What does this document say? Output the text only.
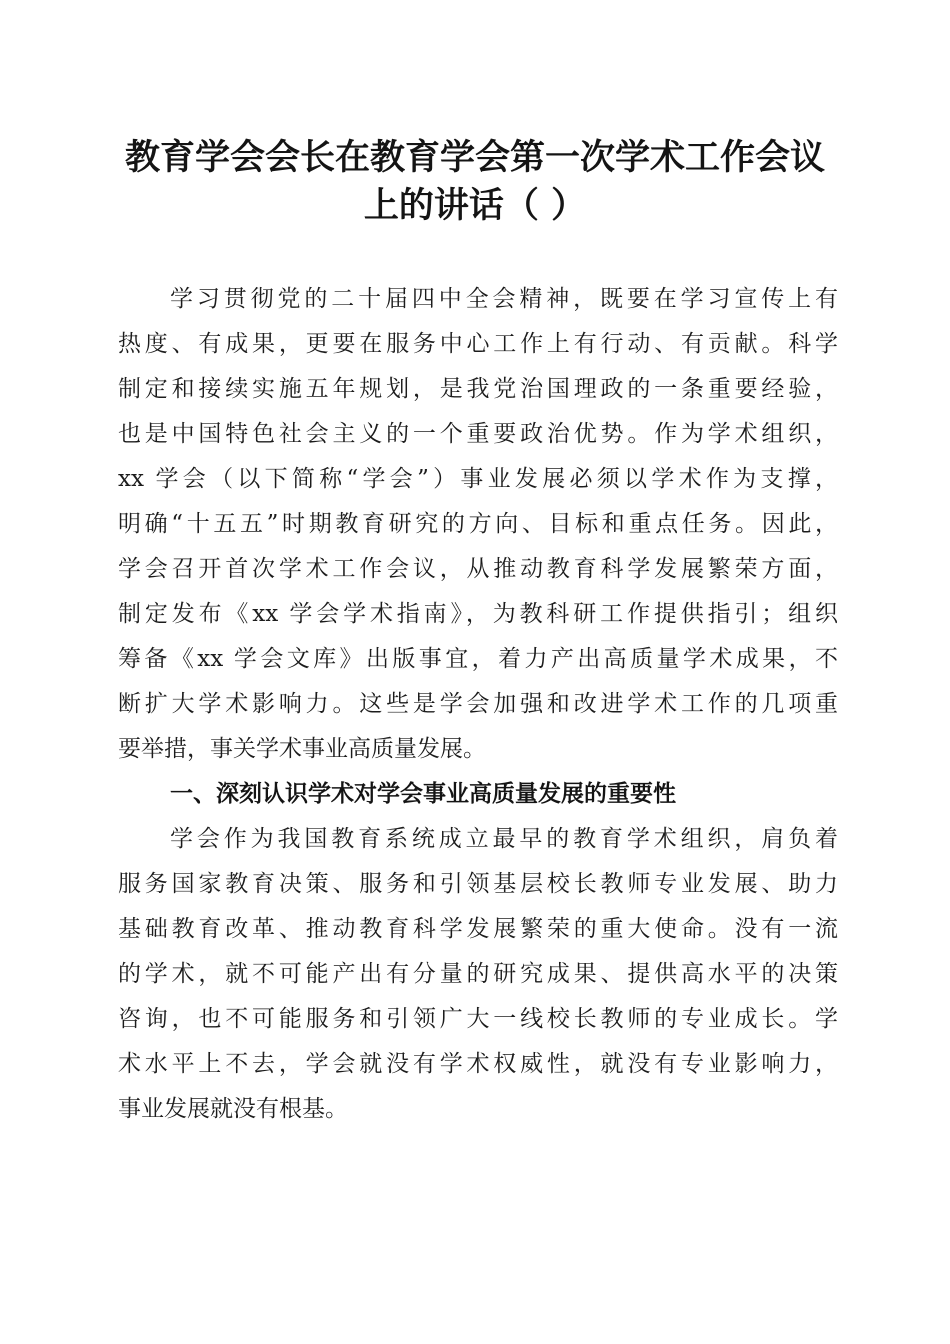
教育学会会长在教育学会第一次学术工作会议
上的讲话（ ）
学习贯彻党的二十届四中全会精神，既要在学习宣传上有
热度、有成果，更要在服务中心工作上有行动、有贡献。科学
制定和接续实施五年规划，是我党治国理政的一条重要经验，
也是中国特色社会主义的一个重要政治优势。作为学术组织，
xx 学会（以下简称“学会”）事业发展必须以学术作为支撑，
明确“十五五”时期教育研究的方向、目标和重点任务。因此，
学会召开首次学术工作会议，从推动教育科学发展繁荣方面，
制定发布《xx 学会学术指南》，为教科研工作提供指引；组织
筹备《xx 学会文库》出版事宜，着力产出高质量学术成果，不
断扩大学术影响力。这些是学会加强和改进学术工作的几项重
要举措，事关学术事业高质量发展。
一、深刻认识学术对学会事业高质量发展的重要性
学会作为我国教育系统成立最早的教育学术组织，肩负着
服务国家教育决策、服务和引领基层校长教师专业发展、助力
基础教育改革、推动教育科学发展繁荣的重大使命。没有一流
的学术，就不可能产出有分量的研究成果、提供高水平的决策
咨询，也不可能服务和引领广大一线校长教师的专业成长。学
术水平上不去，学会就没有学术权威性，就没有专业影响力，
事业发展就没有根基。
